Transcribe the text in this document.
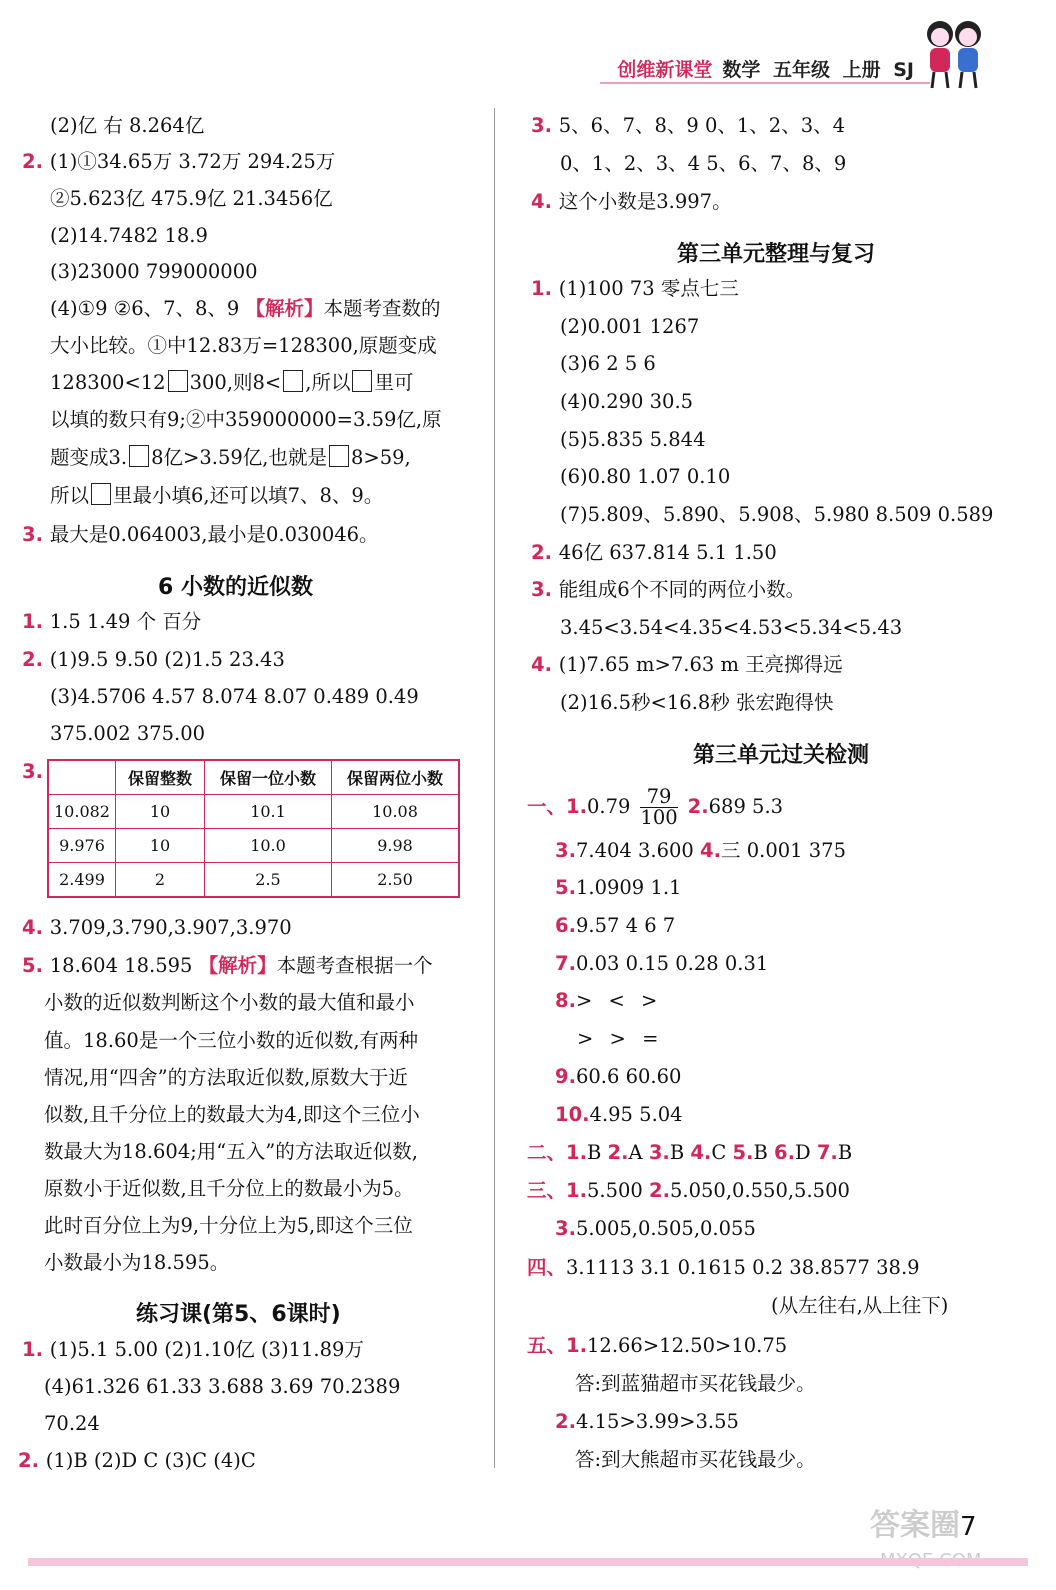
创维新课堂 数学 五年级 上册 SJ
(2)亿 右 8.264亿
2. (1)①34.65万 3.72万 294.25万
②5.623亿 475.9亿 21.3456亿
(2)14.7482 18.9
(3)23000 799000000
(4)①9 ②6、7、8、9 【解析】本题考查数的
大小比较。①中12.83万=128300,原题变成
128300<12 300,则8< ,所以 里可
以填的数只有9;②中359000000=3.59亿,原
题变成3. 8亿>3.59亿,也就是 8>59,
所以 里最小填6,还可以填7、8、9。
3. 最大是0.064003,最小是0.030046。
6 小数的近似数
1. 1.5 1.49 个 百分
2. (1)9.5 9.50 (2)1.5 23.43
(3)4.5706 4.57 8.074 8.07 0.489 0.49
375.002 375.00
3.
		保留整数	保留一位小数	保留两位小数
10.082	10	10.1	10.08
9.976	10	10.0	9.98
2.499	2	2.5	2.50
4. 3.709,3.790,3.907,3.970
5. 18.604 18.595 【解析】本题考查根据一个
小数的近似数判断这个小数的最大值和最小
值。18.60是一个三位小数的近似数,有两种
情况,用“四舍”的方法取近似数,原数大于近
似数,且千分位上的数最大为4,即这个三位小
数最大为18.604;用“五入”的方法取近似数,
原数小于近似数,且千分位上的数最小为5。
此时百分位上为9,十分位上为5,即这个三位
小数最小为18.595。
练习课(第5、6课时)
1. (1)5.1 5.00 (2)1.10亿 (3)11.89万
(4)61.326 61.33 3.688 3.69 70.2389
70.24
2. (1)B (2)D C (3)C (4)C
3. 5、6、7、8、9 0、1、2、3、4
0、1、2、3、4 5、6、7、8、9
4. 这个小数是3.997。
第三单元整理与复习
1. (1)100 73 零点七三
(2)0.001 1267
(3)6 2 5 6
(4)0.290 30.5
(5)5.835 5.844
(6)0.80 1.07 0.10
(7)5.809、5.890、5.908、5.980 8.509 0.589
2. 46亿 637.814 5.1 1.50
3. 能组成6个不同的两位小数。
3.45<3.54<4.35<4.53<5.34<5.43
4. (1)7.65 m>7.63 m 王亮掷得远
(2)16.5秒<16.8秒 张宏跑得快
第三单元过关检测
一、$1.0.79 \frac{79}{100} 2.689$ 5.3
3.7.404 3.600 4.三 0.001 375
5.1.0909 1.1
6.9.57 4 6 7
7.0.03 0.15 0.28 0.31
8.> < >
> > =
9.60.6 60.60
10.4.95 5.04
二、1.B 2.A 3.B 4.C 5.B 6.D 7.B
三、1.5.500 2.5.050,0.550,5.500
3.5.005,0.505,0.055
四、3.1113 3.1 0.1615 0.2 38.8577 38.9
(从左往右,从上往下)
五、1.12.66>12.50>10.75
答:到蓝猫超市买花钱最少。
2.4.15>3.99>3.55
答:到大熊超市买花钱最少。
答案圈 7
